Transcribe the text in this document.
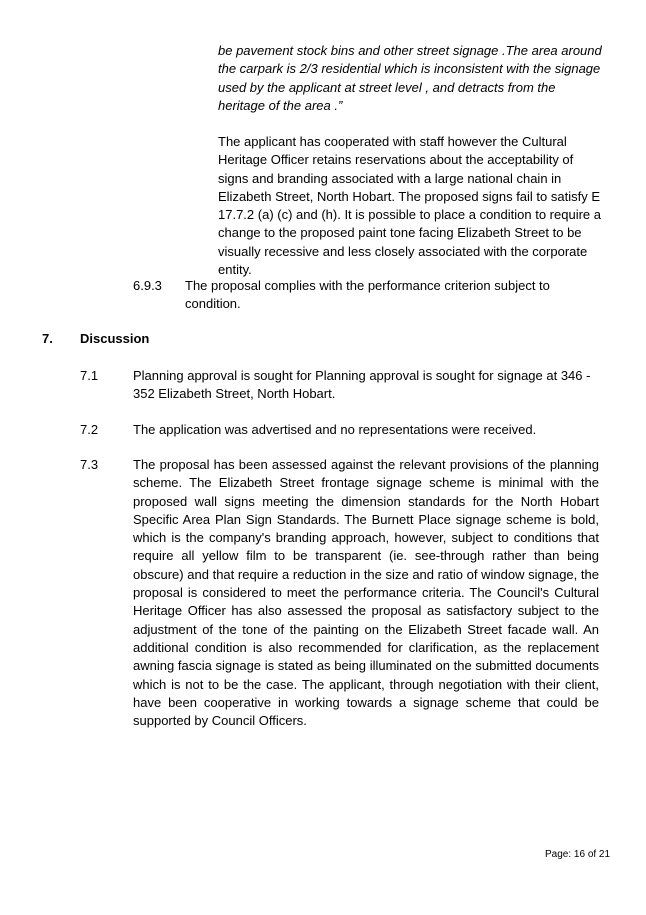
be pavement stock bins and other street signage .The area around the carpark is 2/3 residential which is inconsistent with the signage used by the applicant at street level , and detracts from the heritage of the area .”
The applicant has cooperated with staff however the Cultural Heritage Officer retains reservations about the acceptability of signs and branding associated with a large national chain in Elizabeth Street, North Hobart. The proposed signs fail to satisfy E 17.7.2 (a) (c) and (h). It is possible to place a condition to require a change to the proposed paint tone facing Elizabeth Street to be visually recessive and less closely associated with the corporate entity.
6.9.3 The proposal complies with the performance criterion subject to condition.
7. Discussion
7.1	Planning approval is sought for Planning approval is sought for signage at 346 - 352 Elizabeth Street, North Hobart.
7.2	The application was advertised and no representations were received.
7.3	The proposal has been assessed against the relevant provisions of the planning scheme. The Elizabeth Street frontage signage scheme is minimal with the proposed wall signs meeting the dimension standards for the North Hobart Specific Area Plan Sign Standards. The Burnett Place signage scheme is bold, which is the company's branding approach, however, subject to conditions that require all yellow film to be transparent (ie. see-through rather than being obscure) and that require a reduction in the size and ratio of window signage, the proposal is considered to meet the performance criteria. The Council's Cultural Heritage Officer has also assessed the proposal as satisfactory subject to the adjustment of the tone of the painting on the Elizabeth Street facade wall. An additional condition is also recommended for clarification, as the replacement awning fascia signage is stated as being illuminated on the submitted documents which is not to be the case. The applicant, through negotiation with their client, have been cooperative in working towards a signage scheme that could be supported by Council Officers.
Page: 16 of 21
